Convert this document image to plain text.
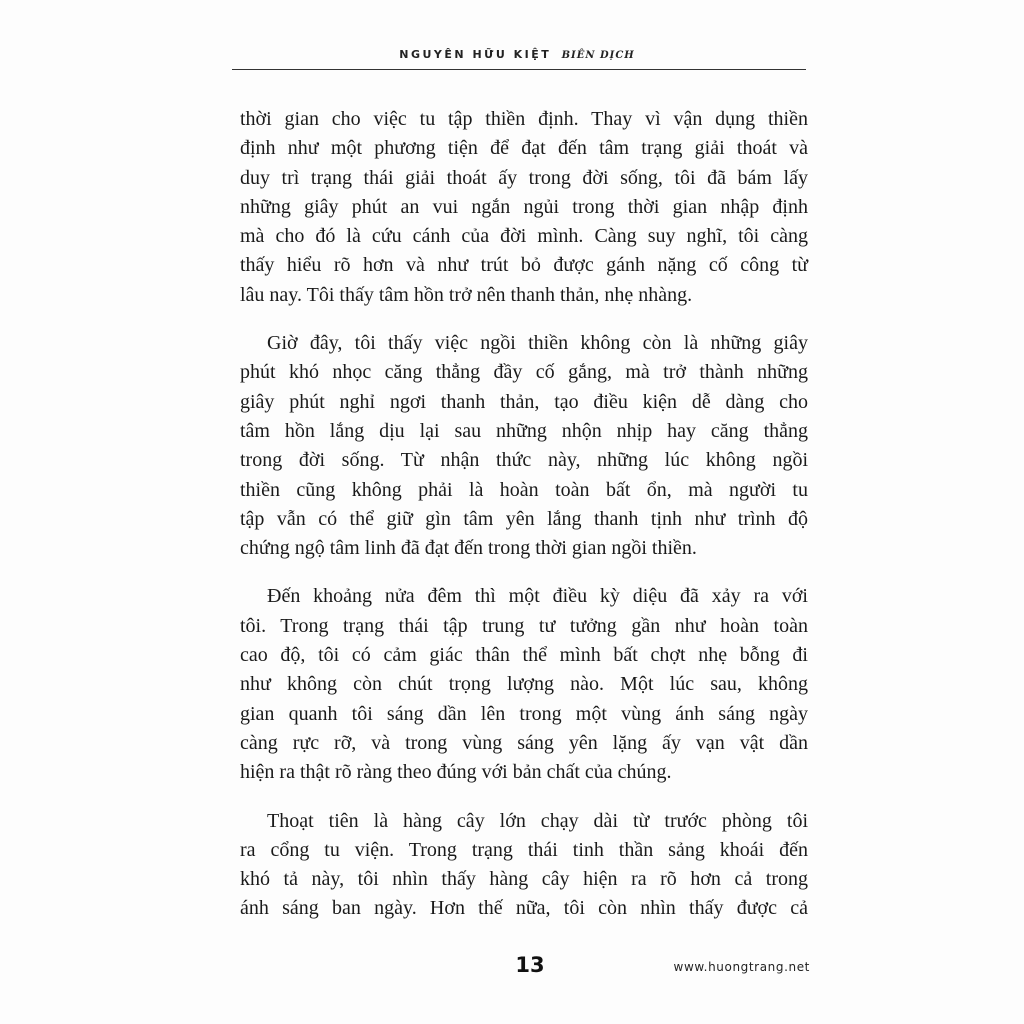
NGUYÊN HỮU KIỆT BIÊN DỊCH
thời gian cho việc tu tập thiền định. Thay vì vận dụng thiền
định như một phương tiện để đạt đến tâm trạng giải thoát và
duy trì trạng thái giải thoát ấy trong đời sống, tôi đã bám lấy
những giây phút an vui ngắn ngủi trong thời gian nhập định
mà cho đó là cứu cánh của đời mình. Càng suy nghĩ, tôi càng
thấy hiểu rõ hơn và như trút bỏ được gánh nặng cố công từ
lâu nay. Tôi thấy tâm hồn trở nên thanh thản, nhẹ nhàng.
Giờ đây, tôi thấy việc ngồi thiền không còn là những giây
phút khó nhọc căng thẳng đầy cố gắng, mà trở thành những
giây phút nghỉ ngơi thanh thản, tạo điều kiện dễ dàng cho
tâm hồn lắng dịu lại sau những nhộn nhịp hay căng thẳng
trong đời sống. Từ nhận thức này, những lúc không ngồi
thiền cũng không phải là hoàn toàn bất ổn, mà người tu
tập vẫn có thể giữ gìn tâm yên lắng thanh tịnh như trình độ
chứng ngộ tâm linh đã đạt đến trong thời gian ngồi thiền.
Đến khoảng nửa đêm thì một điều kỳ diệu đã xảy ra với
tôi. Trong trạng thái tập trung tư tưởng gần như hoàn toàn
cao độ, tôi có cảm giác thân thể mình bất chợt nhẹ bỗng đi
như không còn chút trọng lượng nào. Một lúc sau, không
gian quanh tôi sáng dần lên trong một vùng ánh sáng ngày
càng rực rỡ, và trong vùng sáng yên lặng ấy vạn vật dần
hiện ra thật rõ ràng theo đúng với bản chất của chúng.
Thoạt tiên là hàng cây lớn chạy dài từ trước phòng tôi
ra cổng tu viện. Trong trạng thái tinh thần sảng khoái đến
khó tả này, tôi nhìn thấy hàng cây hiện ra rõ hơn cả trong
ánh sáng ban ngày. Hơn thế nữa, tôi còn nhìn thấy được cả
13	www.huongtrang.net
